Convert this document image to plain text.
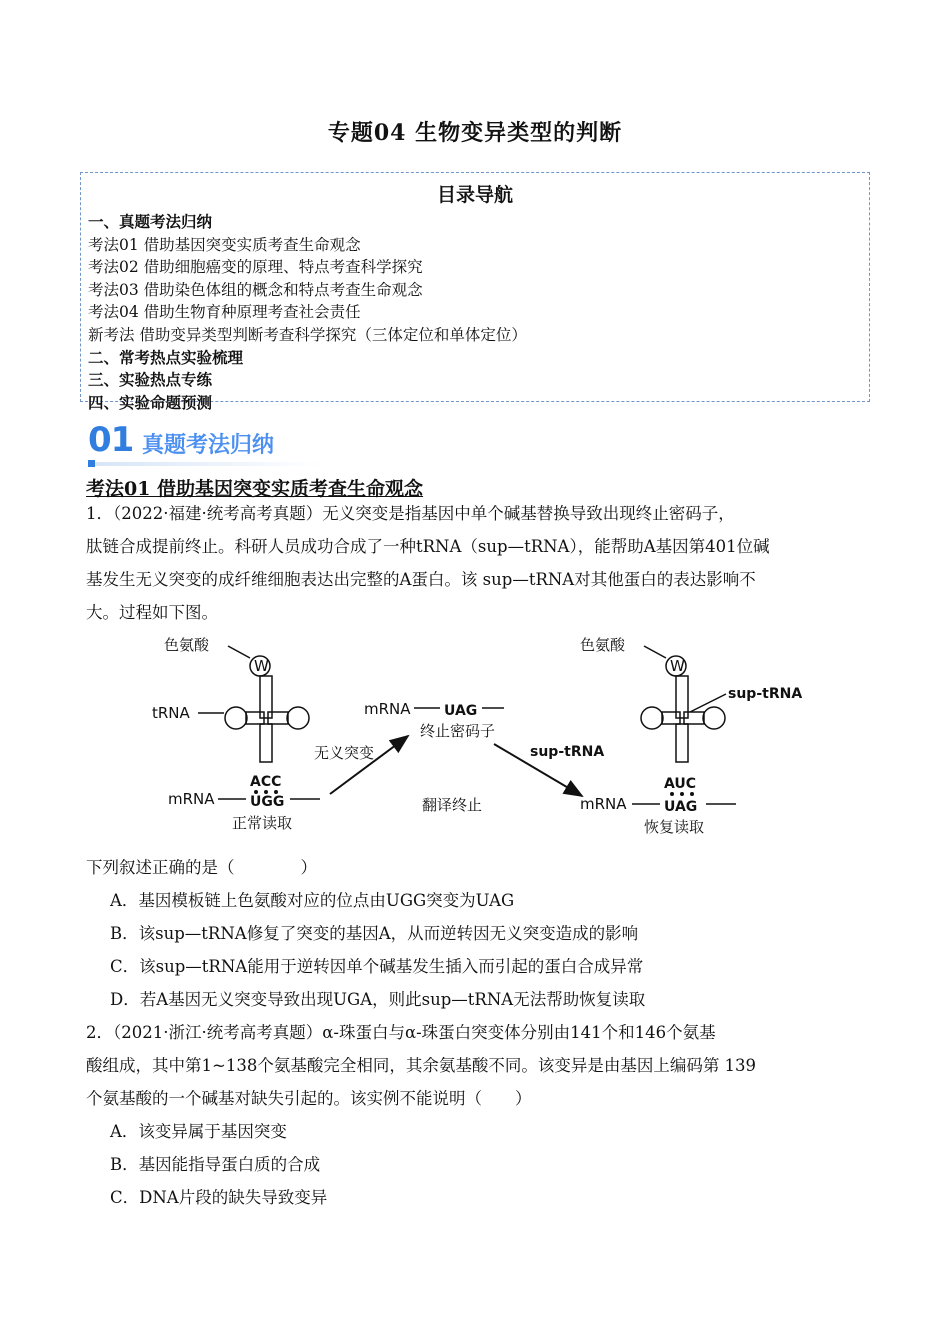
专题04 生物变异类型的判断
目录导航
一、真题考法归纳
考法01 借助基因突变实质考查生命观念
考法02 借助细胞癌变的原理、特点考查科学探究
考法03 借助染色体组的概念和特点考查生命观念
考法04 借助生物育种原理考查社会责任
新考法 借助变异类型判断考查科学探究（三体定位和单体定位）
二、常考热点实验梳理
三、实验热点专练
四、实验命题预测
01 真题考法归纳
考法01 借助基因突变实质考查生命观念
1．（2022·福建·统考高考真题）无义突变是指基因中单个碱基替换导致出现终止密码子，
肽链合成提前终止。科研人员成功合成了一种tRNA（sup—tRNA），能帮助A基因第401位碱
基发生无义突变的成纤维细胞表达出完整的A蛋白。该 sup—tRNA对其他蛋白的表达影响不
大。过程如下图。
色氨酸
W
tRNA
ACC
mRNA	UGG
正常读取
无义突变
mRNA UAG
终止密码子
翻译终止
sup-tRNA
色氨酸
W
sup-tRNA
AUC
mRNA	UAG
恢复读取
下列叙述正确的是（　　　　）
A．基因模板链上色氨酸对应的位点由UGG突变为UAG
B．该sup—tRNA修复了突变的基因A，从而逆转因无义突变造成的影响
C．该sup—tRNA能用于逆转因单个碱基发生插入而引起的蛋白合成异常
D．若A基因无义突变导致出现UGA，则此sup—tRNA无法帮助恢复读取
2．（2021·浙江·统考高考真题）α-珠蛋白与α-珠蛋白突变体分别由141个和146个氨基
酸组成，其中第1~138个氨基酸完全相同，其余氨基酸不同。该变异是由基因上编码第 139
个氨基酸的一个碱基对缺失引起的。该实例不能说明（　　）
A．该变异属于基因突变
B．基因能指导蛋白质的合成
C．DNA片段的缺失导致变异
